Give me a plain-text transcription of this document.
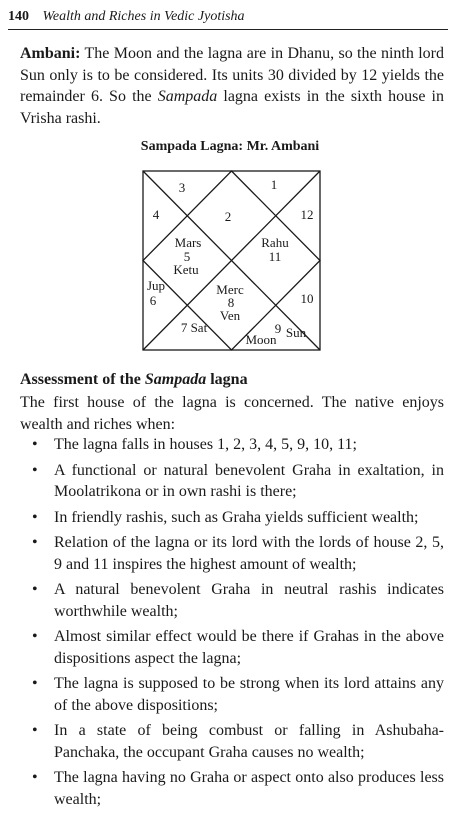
140 Wealth and Riches in Vedic Jyotisha
Ambani: The Moon and the lagna are in Dhanu, so the ninth lord Sun only is to be considered. Its units 30 divided by 12 yields the remainder 6. So the Sampada lagna exists in the sixth house in Vrisha rashi.
Sampada Lagna: Mr. Ambani
3	1
4	2	12
Mars
5
Ketu
Rahu
11
Jup
6
Merc
8
Ven
10
7 Sat
Moon
9 Sun
Assessment of the Sampada lagna
The first house of the lagna is concerned. The native enjoys wealth and riches when:
• The lagna falls in houses 1, 2, 3, 4, 5, 9, 10, 11;
• A functional or natural benevolent Graha in exaltation, in Moolatrikona or in own rashi is there;
• In friendly rashis, such as Graha yields sufficient wealth;
• Relation of the lagna or its lord with the lords of house 2, 5, 9 and 11 inspires the highest amount of wealth;
• A natural benevolent Graha in neutral rashis indicates worthwhile wealth;
• Almost similar effect would be there if Grahas in the above dispositions aspect the lagna;
• The lagna is supposed to be strong when its lord attains any of the above dispositions;
• In a state of being combust or falling in Ashubaha-Panchaka, the occupant Graha causes no wealth;
• The lagna having no Graha or aspect onto also produces less wealth;
